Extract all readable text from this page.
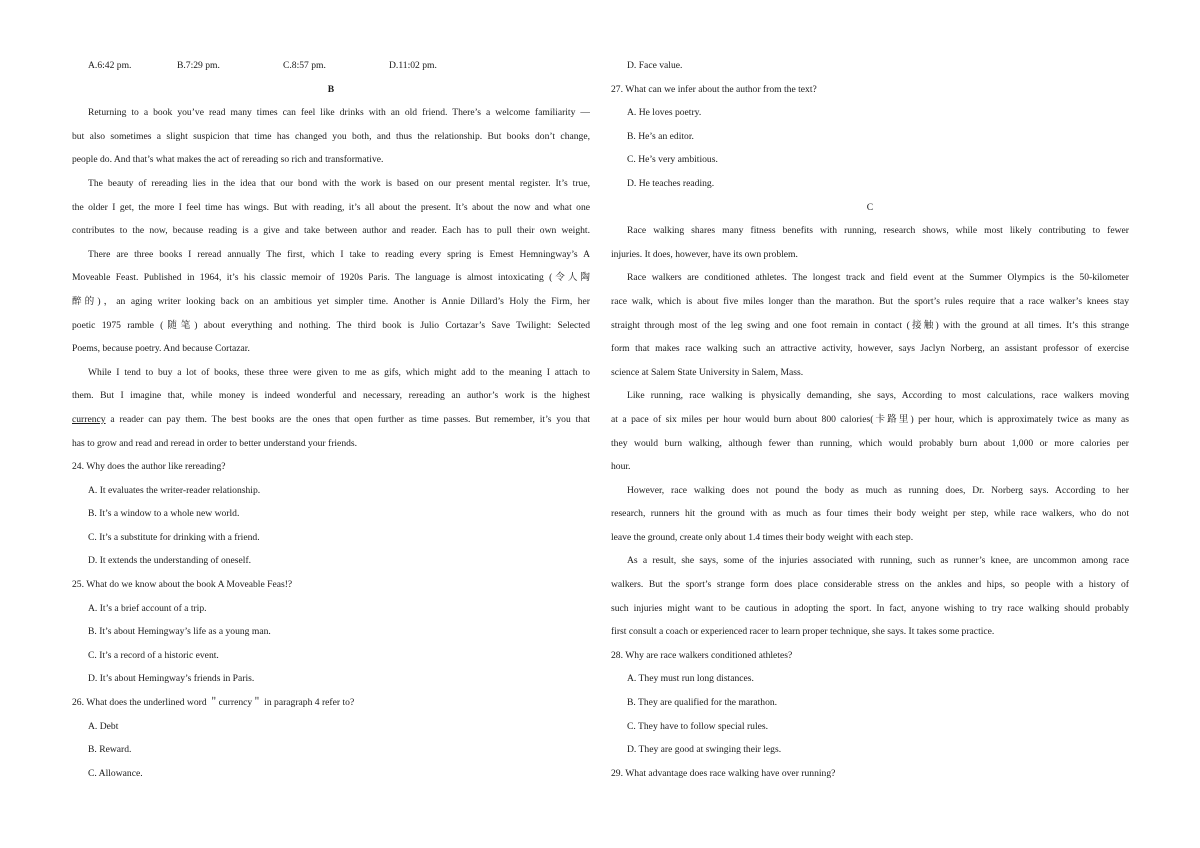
A.6:42 pm.	B.7:29 pm.	C.8:57 pm.	D.11:02 pm.
B
Returning to a book you’ve read many times can feel like drinks with an old friend. There’s a welcome familiarity —
but also sometimes a slight suspicion that time has changed you both, and thus the relationship. But books don’t change,
people do. And that’s what makes the act of rereading so rich and transformative.
The beauty of rereading lies in the idea that our bond with the work is based on our present mental register. It’s true,
the older I get, the more I feel time has wings. But with reading, it’s all about the present. It’s about the now and what one
contributes to the now, because reading is a give and take between author and reader. Each has to pull their own weight.
There are three books I reread annually The first, which I take to reading every spring is Emest Hemningway’s A
Moveable Feast. Published in 1964, it’s his classic memoir of 1920s Paris. The language is almost intoxicating (令人陶
醉的)，an aging writer looking back on an ambitious yet simpler time. Another is Annie Dillard’s Holy the Firm, her
poetic 1975 ramble (随笔) about everything and nothing. The third book is Julio Cortazar’s Save Twilight: Selected
Poems, because poetry. And because Cortazar.
While I tend to buy a lot of books, these three were given to me as gifs, which might add to the meaning I attach to
them. But I imagine that, while money is indeed wonderful and necessary, rereading an author’s work is the highest
currency a reader can pay them. The best books are the ones that open further as time passes. But remember, it’s you that
has to grow and read and reread in order to better understand your friends.
24. Why does the author like rereading?
A. It evaluates the writer-reader relationship.
B. It’s a window to a whole new world.
C. It’s a substitute for drinking with a friend.
D. It extends the understanding of oneself.
25. What do we know about the book A Moveable Feas!?
A. It’s a brief account of a trip.
B. It’s about Hemingway’s life as a young man.
C. It’s a record of a historic event.
D. It’s about Hemingway’s friends in Paris.
26. What does the underlined word ＂currency＂ in paragraph 4 refer to?
A. Debt
B. Reward.
C. Allowance.
D. Face value.
27. What can we infer about the author from the text?
A. He loves poetry.
B. He’s an editor.
C. He’s very ambitious.
D. He teaches reading.
C
Race walking shares many fitness benefits with running, research shows, while most likely contributing to fewer
injuries. It does, however, have its own problem.
Race walkers are conditioned athletes. The longest track and field event at the Summer Olympics is the 50-kilometer
race walk, which is about five miles longer than the marathon. But the sport’s rules require that a race walker’s knees stay
straight through most of the leg swing and one foot remain in contact (接触) with the ground at all times. It’s this strange
form that makes race walking such an attractive activity, however, says Jaclyn Norberg, an assistant professor of exercise
science at Salem State University in Salem, Mass.
Like running, race walking is physically demanding, she says, According to most calculations, race walkers moving
at a pace of six miles per hour would burn about 800 calories(卡路里) per hour, which is approximately twice as many as
they would burn walking, although fewer than running, which would probably burn about 1,000 or more calories per
hour.
However, race walking does not pound the body as much as running does, Dr. Norberg says. According to her
research, runners hit the ground with as much as four times their body weight per step, while race walkers, who do not
leave the ground, create only about 1.4 times their body weight with each step.
As a result, she says, some of the injuries associated with running, such as runner’s knee, are uncommon among race
walkers. But the sport’s strange form does place considerable stress on the ankles and hips, so people with a history of
such injuries might want to be cautious in adopting the sport. In fact, anyone wishing to try race walking should probably
first consult a coach or experienced racer to learn proper technique, she says. It takes some practice.
28. Why are race walkers conditioned athletes?
A. They must run long distances.
B. They are qualified for the marathon.
C. They have to follow special rules.
D. They are good at swinging their legs.
29. What advantage does race walking have over running?
